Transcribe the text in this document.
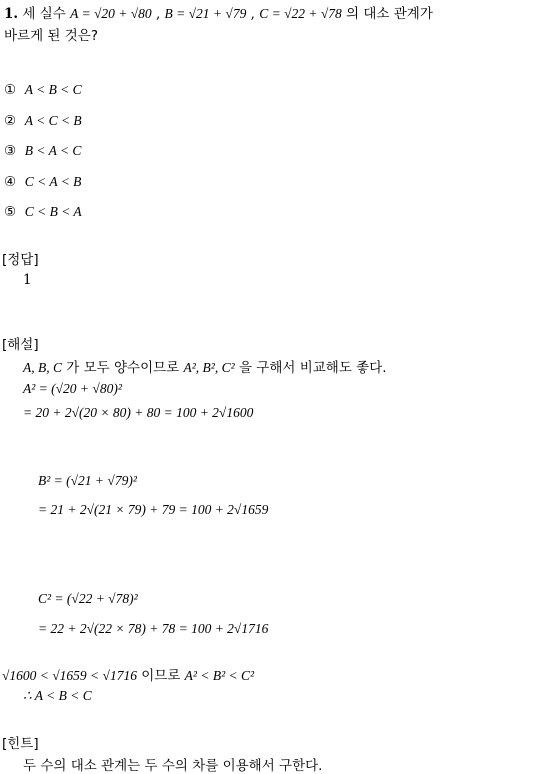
1. 세 실수 A = √20 + √80 , B = √21 + √79 , C = √22 + √78 의 대소 관계가
바르게 된 것은?
① A < B < C
② A < C < B
③ B < A < C
④ C < A < B
⑤ C < B < A
[정답]
1
[해설]
A, B, C 가 모두 양수이므로 A², B², C² 을 구해서 비교해도 좋다.
A² = (√20 + √80)²
= 20 + 2√(20 × 80) + 80 = 100 + 2√1600
B² = (√21 + √79)²
= 21 + 2√(21 × 79) + 79 = 100 + 2√1659
C² = (√22 + √78)²
= 22 + 2√(22 × 78) + 78 = 100 + 2√1716
√1600 < √1659 < √1716 이므로 A² < B² < C²
∴ A < B < C
[힌트]
두 수의 대소 관계는 두 수의 차를 이용해서 구한다.
